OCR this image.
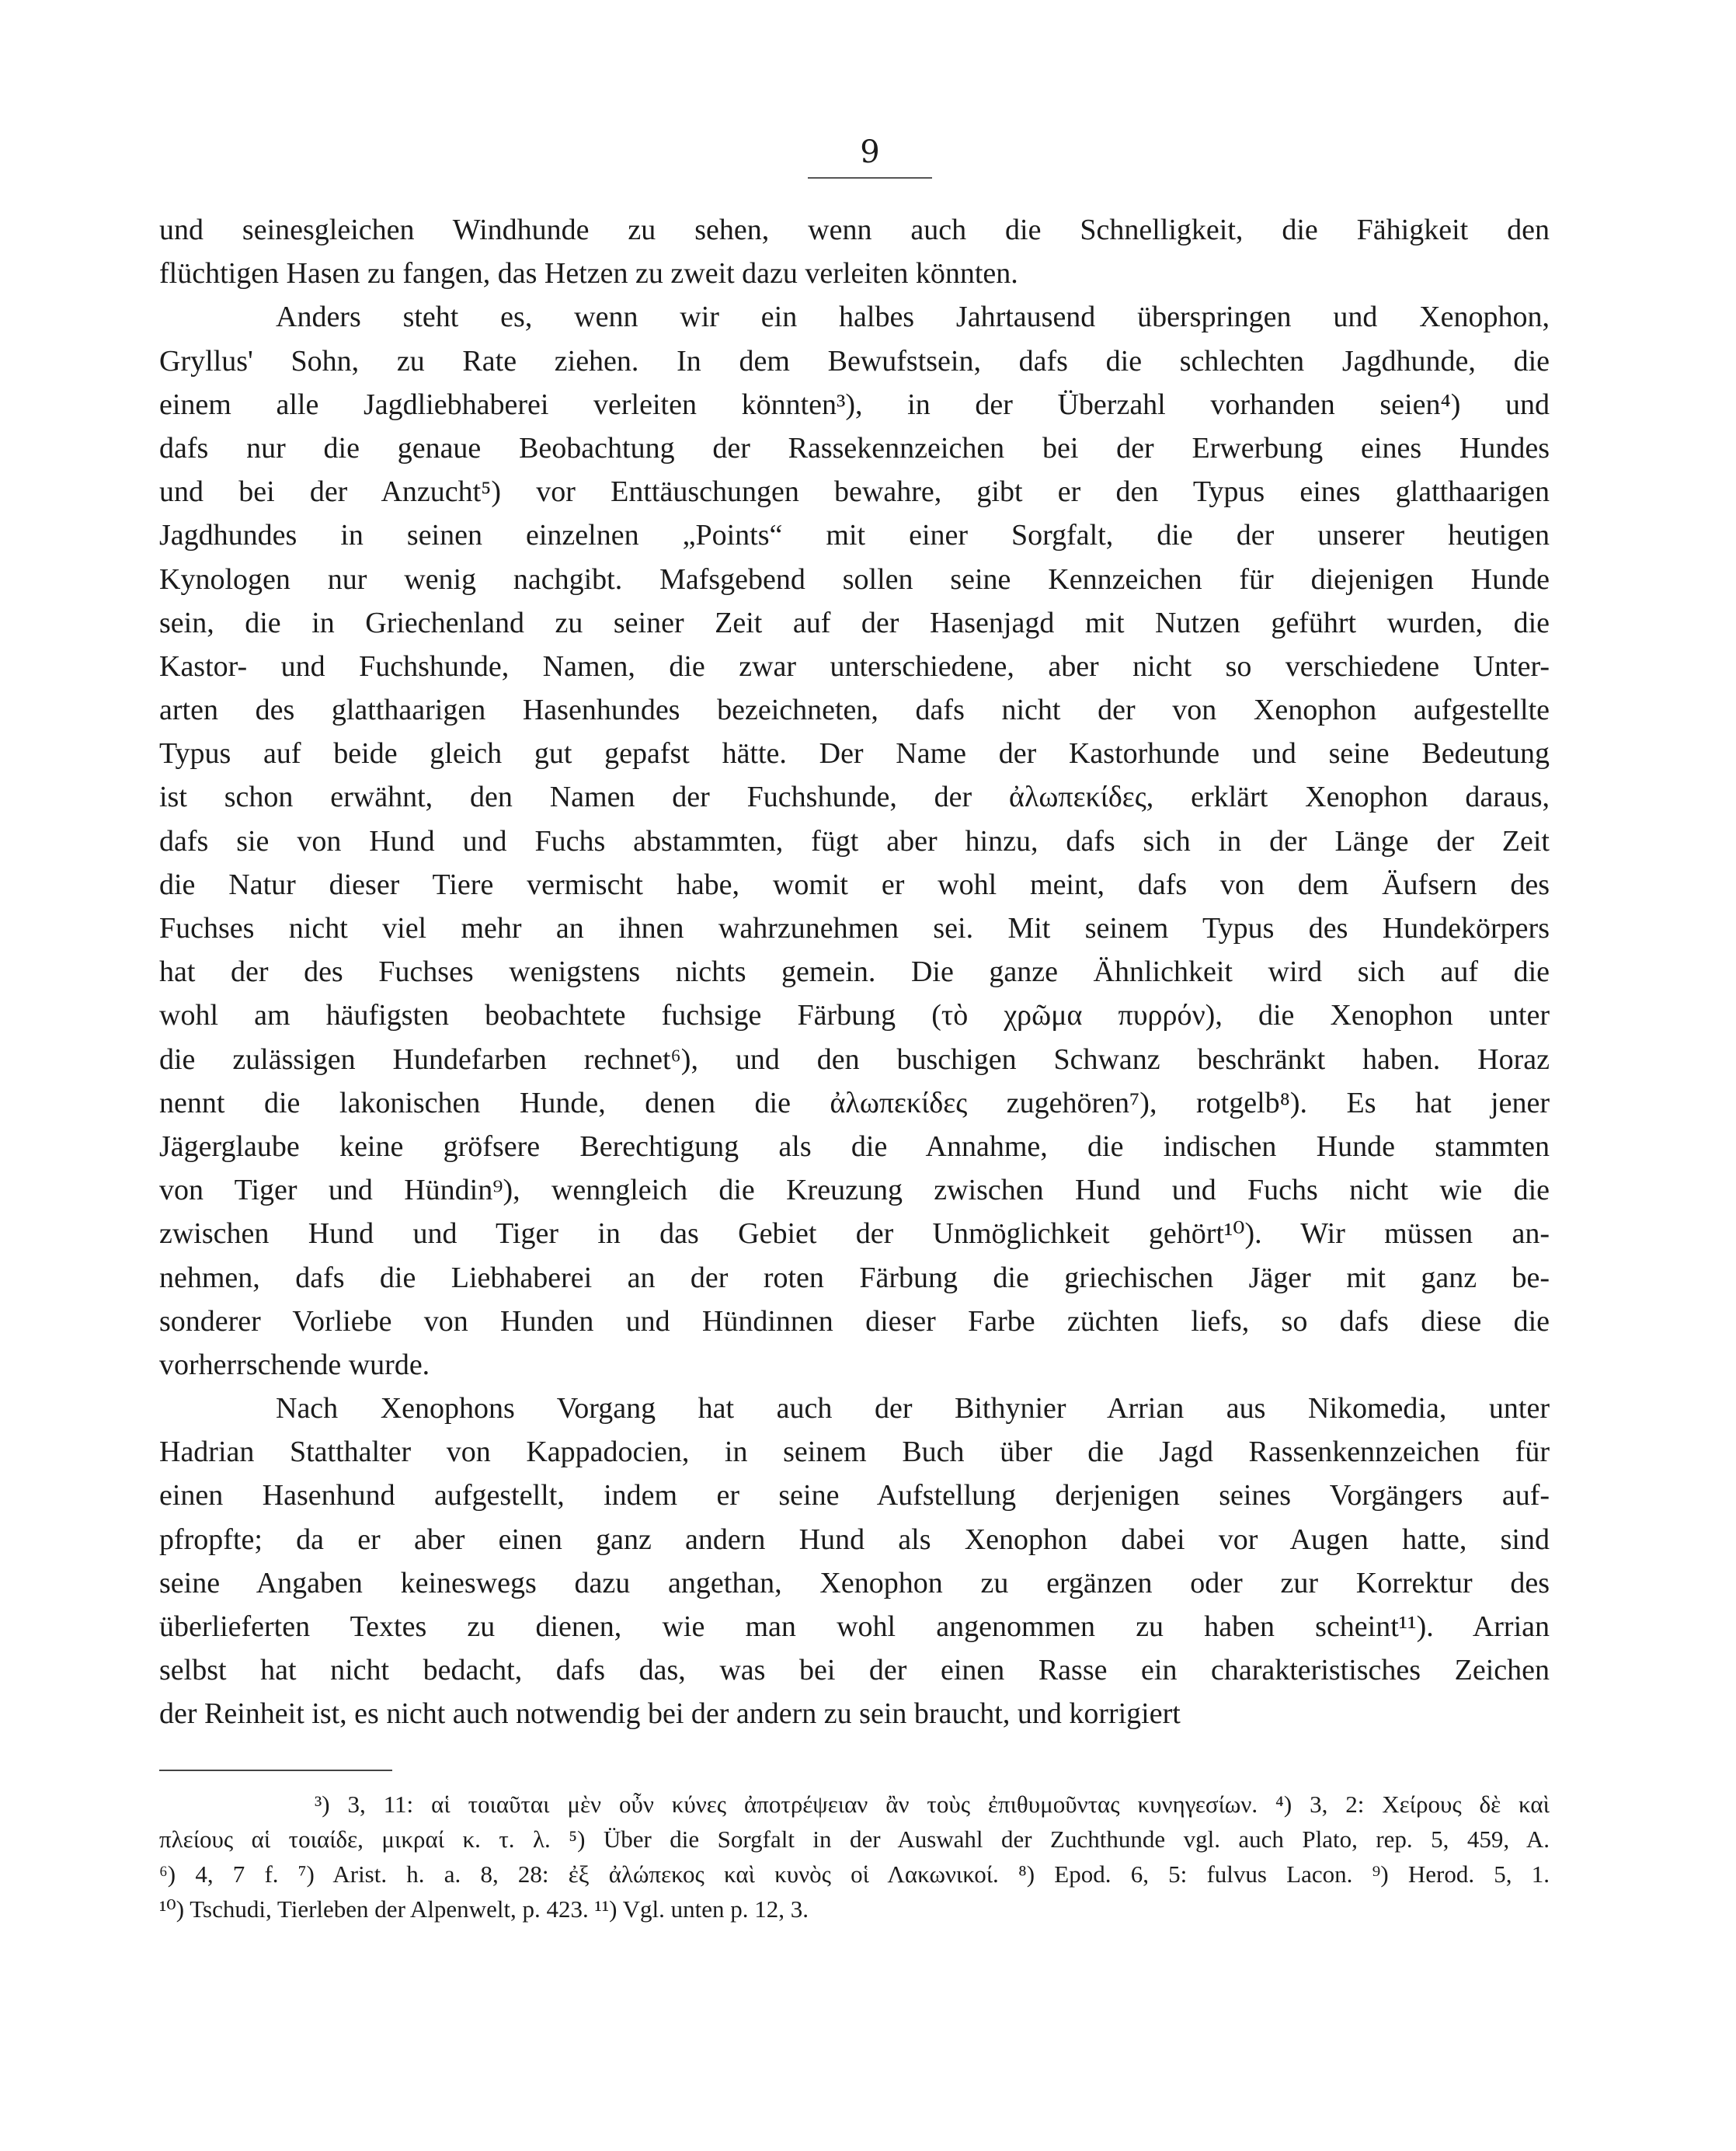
9
und seinesgleichen Windhunde zu sehen, wenn auch die Schnelligkeit, die Fähigkeit den
flüchtigen Hasen zu fangen, das Hetzen zu zweit dazu verleiten könnten.
Anders steht es, wenn wir ein halbes Jahrtausend überspringen und Xenophon,
Gryllus' Sohn, zu Rate ziehen. In dem Bewufstsein, dafs die schlechten Jagdhunde, die
einem alle Jagdliebhaberei verleiten könnten³), in der Überzahl vorhanden seien⁴) und
dafs nur die genaue Beobachtung der Rassekennzeichen bei der Erwerbung eines Hundes
und bei der Anzucht⁵) vor Enttäuschungen bewahre, gibt er den Typus eines glatthaarigen
Jagdhundes in seinen einzelnen „Points“ mit einer Sorgfalt, die der unserer heutigen
Kynologen nur wenig nachgibt. Mafsgebend sollen seine Kennzeichen für diejenigen Hunde
sein, die in Griechenland zu seiner Zeit auf der Hasenjagd mit Nutzen geführt wurden, die
Kastor- und Fuchshunde, Namen, die zwar unterschiedene, aber nicht so verschiedene Unter-
arten des glatthaarigen Hasenhundes bezeichneten, dafs nicht der von Xenophon aufgestellte
Typus auf beide gleich gut gepafst hätte. Der Name der Kastorhunde und seine Bedeutung
ist schon erwähnt, den Namen der Fuchshunde, der ἀλωπεκίδες, erklärt Xenophon daraus,
dafs sie von Hund und Fuchs abstammten, fügt aber hinzu, dafs sich in der Länge der Zeit
die Natur dieser Tiere vermischt habe, womit er wohl meint, dafs von dem Äufsern des
Fuchses nicht viel mehr an ihnen wahrzunehmen sei. Mit seinem Typus des Hundekörpers
hat der des Fuchses wenigstens nichts gemein. Die ganze Ähnlichkeit wird sich auf die
wohl am häufigsten beobachtete fuchsige Färbung (τὸ χρῶμα πυρρόν), die Xenophon unter
die zulässigen Hundefarben rechnet⁶), und den buschigen Schwanz beschränkt haben. Horaz
nennt die lakonischen Hunde, denen die ἀλωπεκίδες zugehören⁷), rotgelb⁸). Es hat jener
Jägerglaube keine gröfsere Berechtigung als die Annahme, die indischen Hunde stammten
von Tiger und Hündin⁹), wenngleich die Kreuzung zwischen Hund und Fuchs nicht wie die
zwischen Hund und Tiger in das Gebiet der Unmöglichkeit gehört¹⁰). Wir müssen an-
nehmen, dafs die Liebhaberei an der roten Färbung die griechischen Jäger mit ganz be-
sonderer Vorliebe von Hunden und Hündinnen dieser Farbe züchten liefs, so dafs diese die
vorherrschende wurde.
Nach Xenophons Vorgang hat auch der Bithynier Arrian aus Nikomedia, unter
Hadrian Statthalter von Kappadocien, in seinem Buch über die Jagd Rassenkennzeichen für
einen Hasenhund aufgestellt, indem er seine Aufstellung derjenigen seines Vorgängers auf-
pfropfte; da er aber einen ganz andern Hund als Xenophon dabei vor Augen hatte, sind
seine Angaben keineswegs dazu angethan, Xenophon zu ergänzen oder zur Korrektur des
überlieferten Textes zu dienen, wie man wohl angenommen zu haben scheint¹¹). Arrian
selbst hat nicht bedacht, dafs das, was bei der einen Rasse ein charakteristisches Zeichen
der Reinheit ist, es nicht auch notwendig bei der andern zu sein braucht, und korrigiert
³) 3, 11: αἱ τοιαῦται μὲν οὖν κύνες ἀποτρέψειαν ἂν τοὺς ἐπιθυμοῦντας κυνηγεσίων. ⁴) 3, 2: Χείρους δὲ καὶ
πλείους αἱ τοιαίδε, μικραί κ. τ. λ. ⁵) Über die Sorgfalt in der Auswahl der Zuchthunde vgl. auch Plato, rep. 5, 459, A.
⁶) 4, 7 f. ⁷) Arist. h. a. 8, 28: ἐξ ἀλώπεκος καὶ κυνὸς οἱ Λακωνικοί. ⁸) Epod. 6, 5: fulvus Lacon. ⁹) Herod. 5, 1.
¹⁰) Tschudi, Tierleben der Alpenwelt, p. 423. ¹¹) Vgl. unten p. 12, 3.
